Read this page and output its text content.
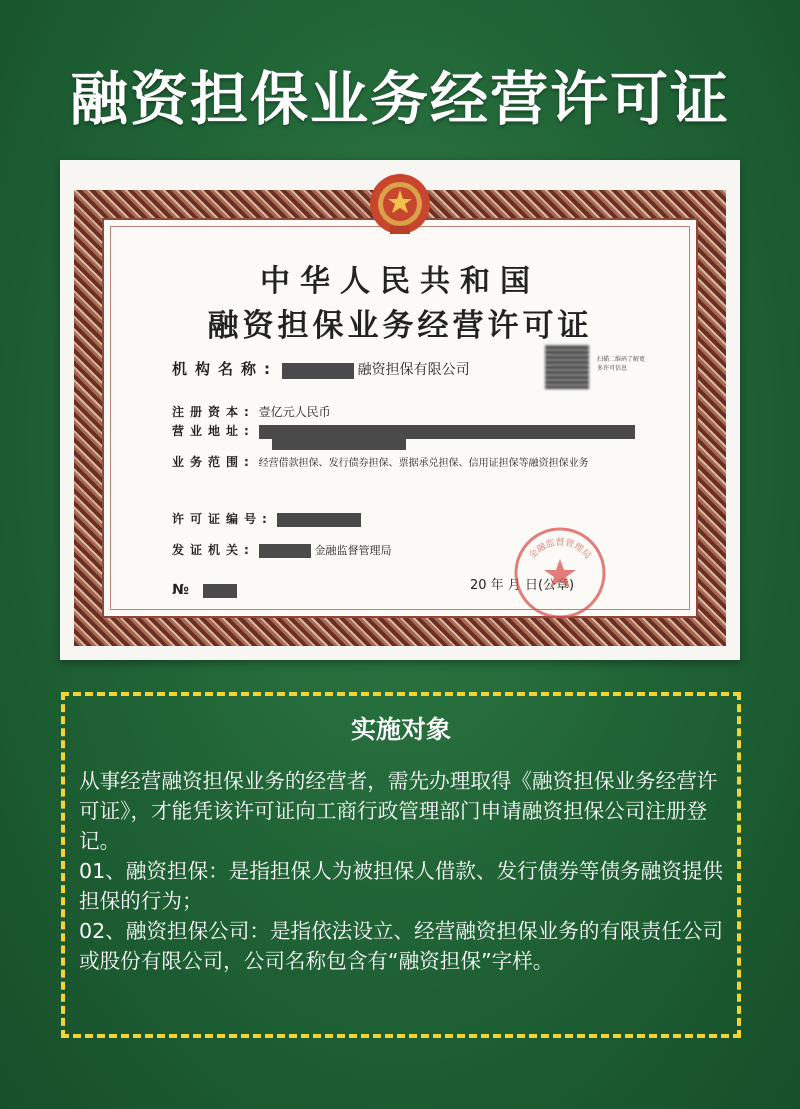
融资担保业务经营许可证
中华人民共和国
融资担保业务经营许可证
机构名称:	融资担保有限公司
扫描二维码了解更多许可信息
注册资本: 壹亿元人民币
营业地址:
业务范围: 经营借款担保、发行债券担保、票据承兑担保、信用证担保等融资担保业务
许可证编号:
发证机关:	金融监督管理局
№	20 年 月 日(公章)
金融监督管理局
实施对象

从事经营融资担保业务的经营者，需先办理取得《融资担保业务经营许可证》，才能凭该许可证向工商行政管理部门申请融资担保公司注册登记。

01、融资担保：是指担保人为被担保人借款、发行债券等债务融资提供担保的行为；

02、融资担保公司：是指依法设立、经营融资担保业务的有限责任公司或股份有限公司，公司名称包含有“融资担保”字样。
